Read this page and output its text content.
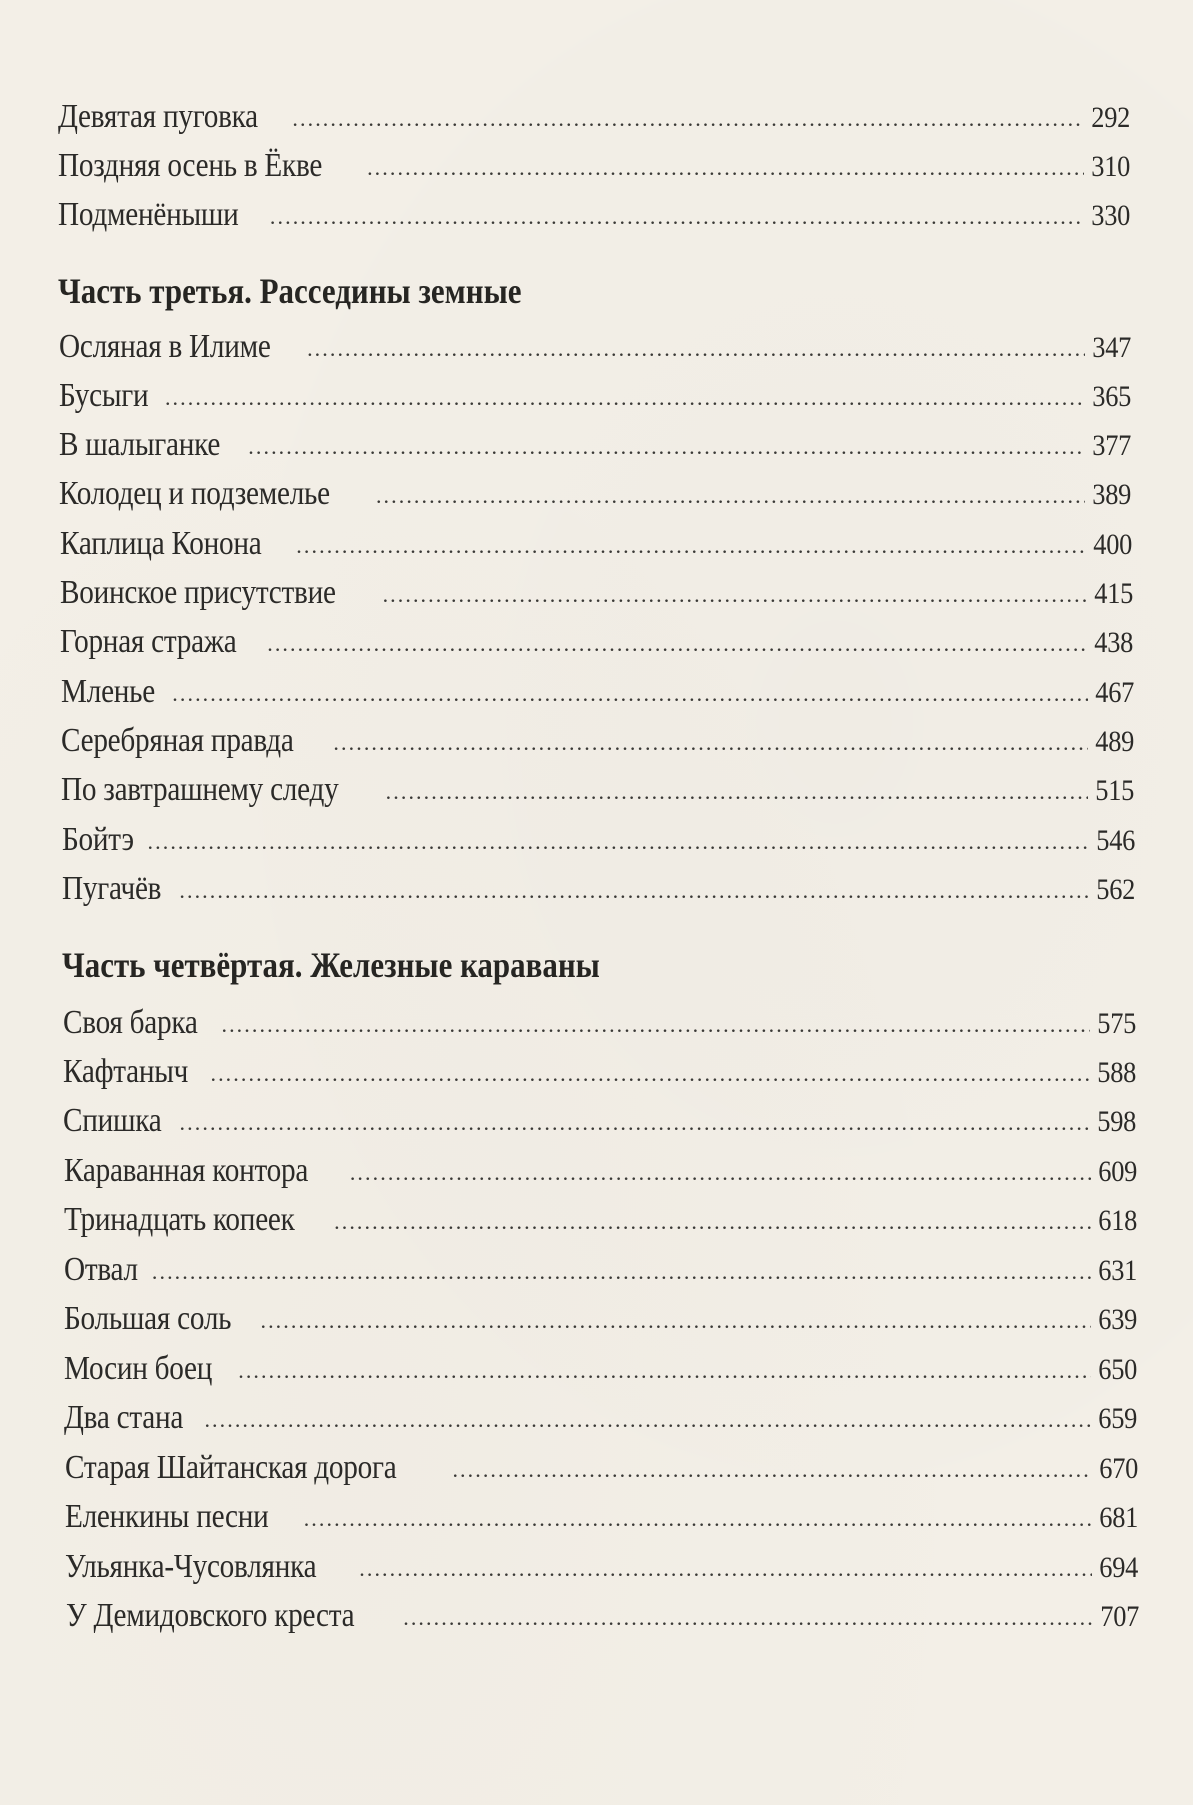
Девятая пуговка .....	292
Поздняя осень в Ёкве .....	310
Подменёныши .....	330
Часть третья. Расседины земные
Осляная в Илиме .....	347
Бусыги .....	365
В шалыганке .....	377
Колодец и подземелье .....	389
Каплица Конона .....	400
Воинское присутствие .....	415
Горная стража .....	438
Мленье .....	467
Серебряная правда .....	489
По завтрашнему следу .....	515
Бойтэ .....	546
Пугачёв .....	562
Часть четвёртая. Железные караваны
Своя барка .....	575
Кафтаныч .....	588
Спишка .....	598
Караванная контора .....	609
Тринадцать копеек .....	618
Отвал .....	631
Большая соль .....	639
Мосин боец .....	650
Два стана .....	659
Старая Шайтанская дорога .....	670
Еленкины песни .....	681
Ульянка-Чусовлянка .....	694
У Демидовского креста .....	707
